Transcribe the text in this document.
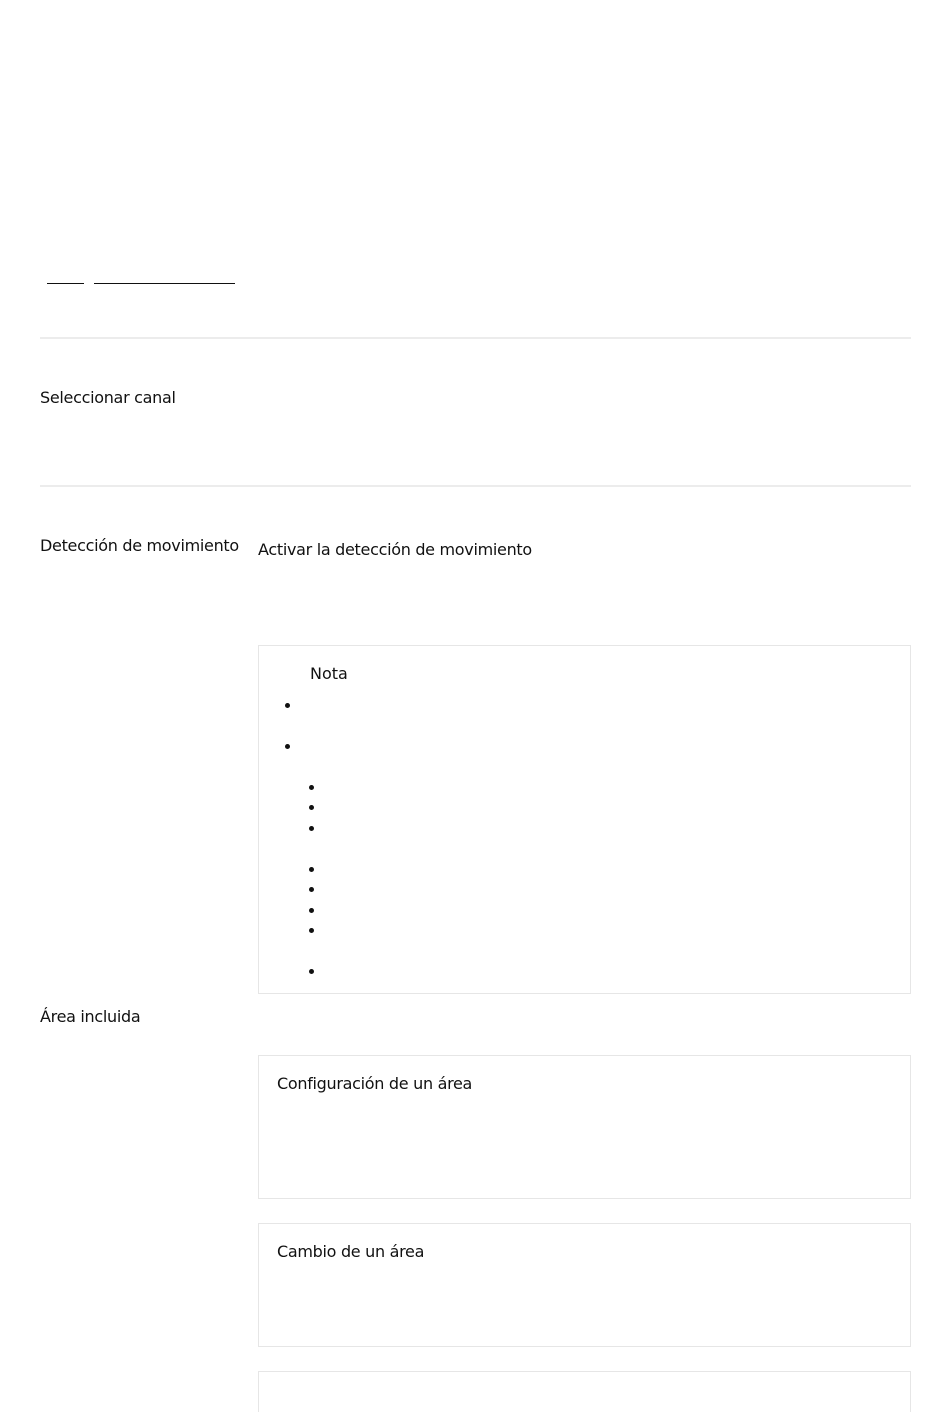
Seleccionar canal
Detección de movimiento Activar la detección de movimiento
Nota
Área incluida
Configuración de un área
Cambio de un área
